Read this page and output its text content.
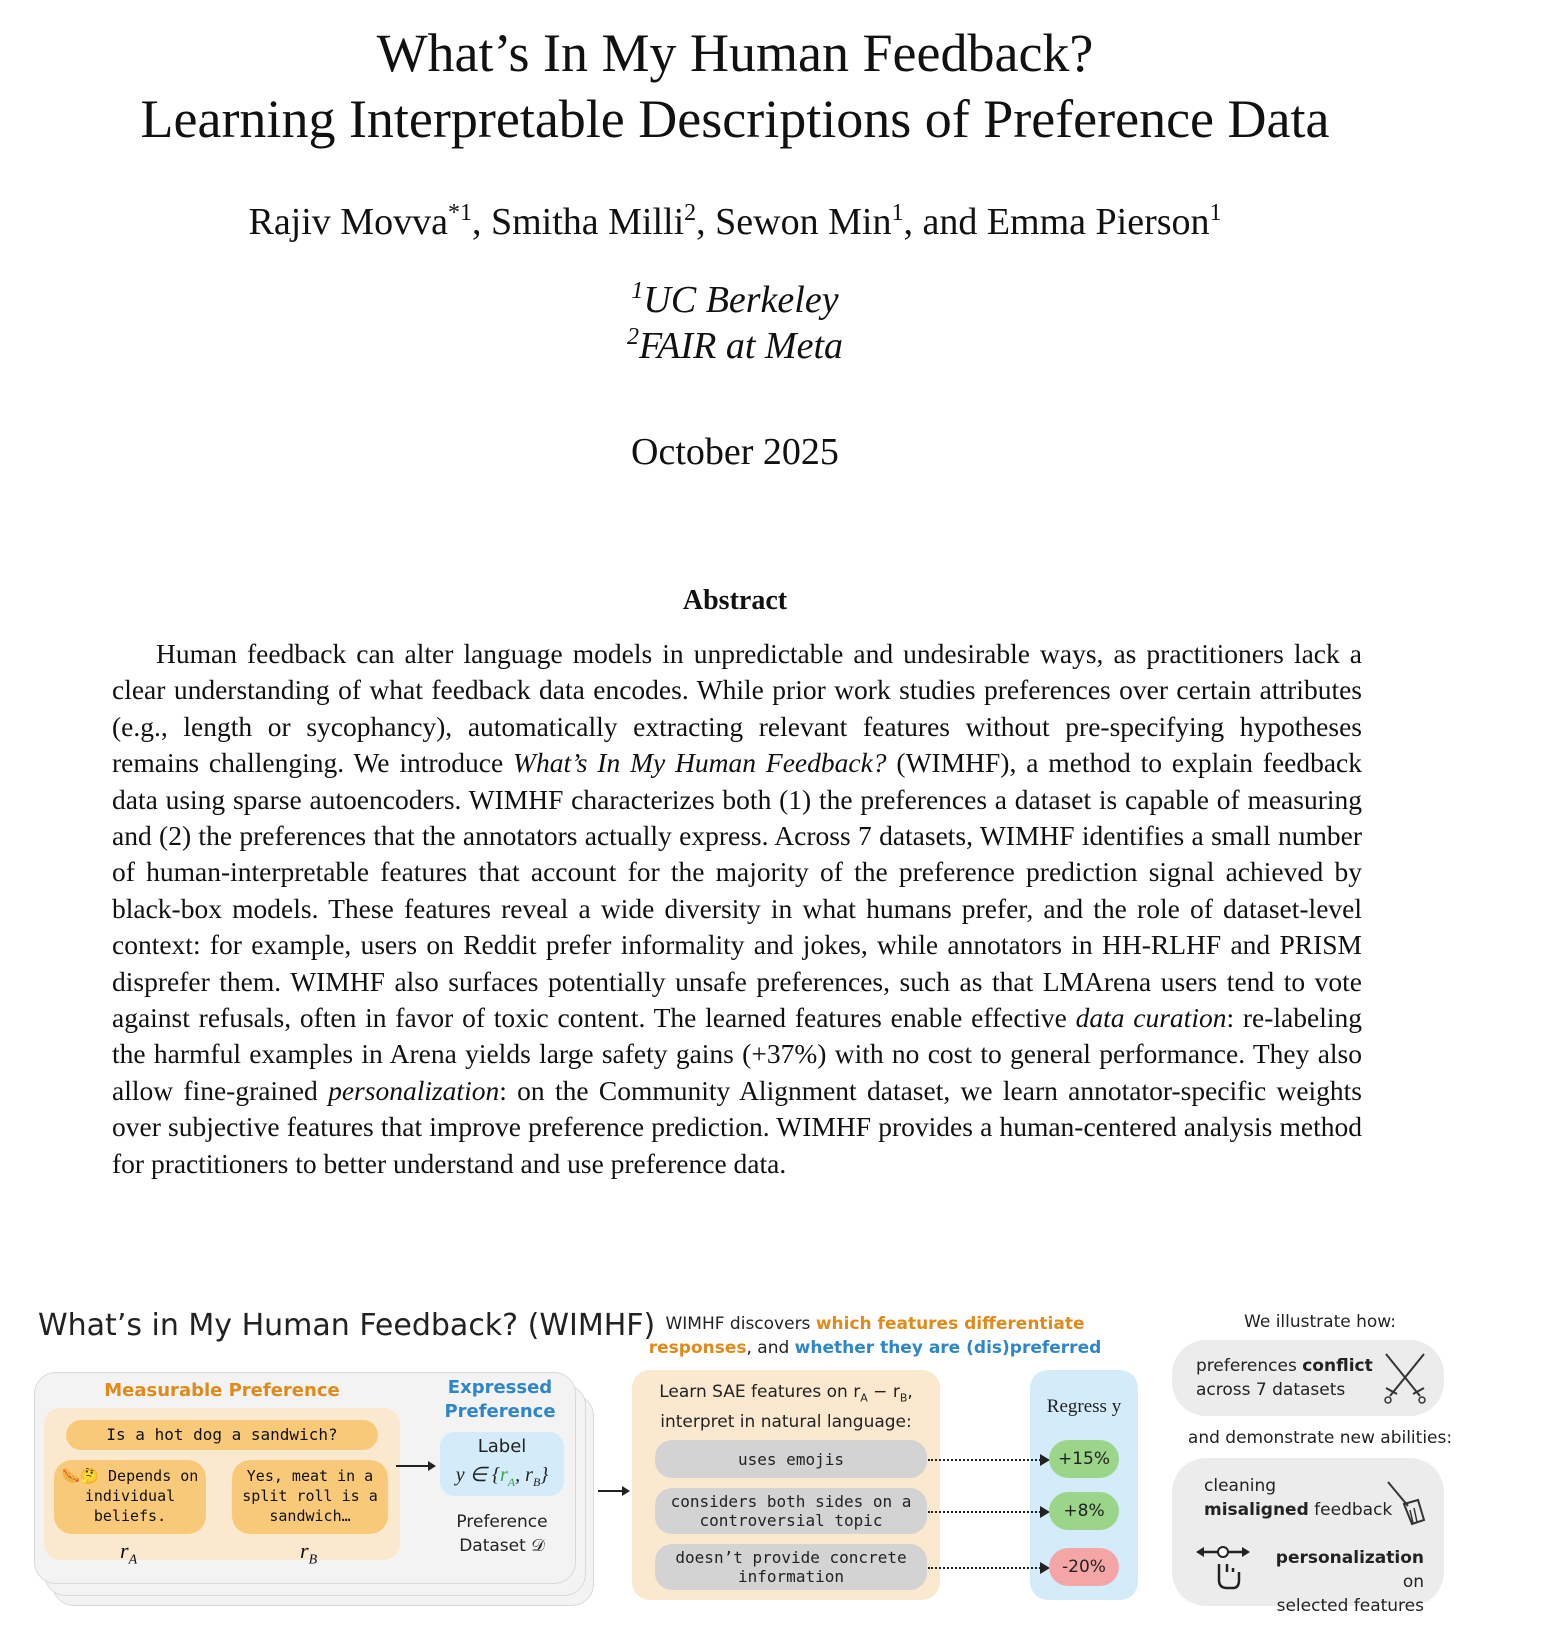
What’s In My Human Feedback?
Learning Interpretable Descriptions of Preference Data
Rajiv Movva$^{*1}$, Smitha Milli$^2$, Sewon Min$^1$, and Emma Pierson$^1$
$^1$UC Berkeley
$^2$FAIR at Meta
October 2025
Abstract

Human feedback can alter language models in unpredictable and undesirable ways, as practitioners lack a clear understanding of what feedback data encodes. While prior work studies preferences over certain attributes (e.g., length or sycophancy), automatically extracting relevant features without pre-specifying hypotheses remains challenging. We introduce What’s In My Human Feedback? (WIMHF), a method to explain feedback data using sparse autoencoders. WIMHF characterizes both (1) the preferences a dataset is capable of measuring and (2) the preferences that the annotators actually express. Across 7 datasets, WIMHF identifies a small number of human-interpretable features that account for the majority of the preference prediction signal achieved by black-box models. These features reveal a wide diversity in what humans prefer, and the role of dataset-level context: for example, users on Reddit prefer informality and jokes, while annotators in HH-RLHF and PRISM disprefer them. WIMHF also surfaces potentially unsafe preferences, such as that LMArena users tend to vote against refusals, often in favor of toxic content. The learned features enable effective data curation: re-labeling the harmful examples in Arena yields large safety gains (+37%) with no cost to general performance. They also allow fine-grained personalization: on the Community Alignment dataset, we learn annotator-specific weights over subjective features that improve preference prediction. WIMHF provides a human-centered analysis method for practitioners to better understand and use preference data.

What’s in My Human Feedback? (WIMHF)
Measurable Preference
Is a hot dog a sandwich?
🌭🤔 Depends on individual beliefs.
Yes, meat in a split roll is a sandwich…
$r_A$	$r_B$
Expressed
Preference
Label
y ∈ {$r_A$, $r_B$}
Preference
Dataset 𝒟
WIMHF discovers which features differentiate
responses, and whether they are (dis)preferred
Learn SAE features on $r_A - r_B$,
interpret in natural language:
Regress y
uses emojis	+15%
considers both sides on a controversial topic	+8%
doesn’t provide concrete information	-20%
We illustrate how:
preferences conflict
across 7 datasets
and demonstrate new abilities:
cleaning
misaligned feedback
personalization on
selected features
